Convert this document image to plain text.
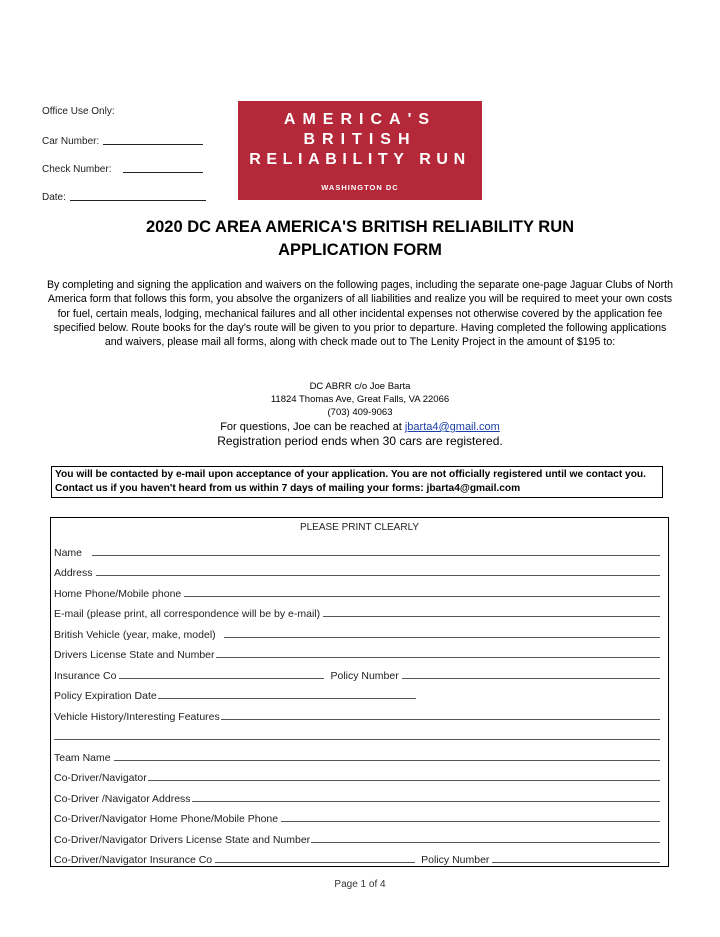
Office Use Only:
Car Number:
Check Number:
Date:
AMERICA'S
BRITISH
RELIABILITY RUN
WASHINGTON DC
2020 DC AREA AMERICA'S BRITISH RELIABILITY RUN
APPLICATION FORM
By completing and signing the application and waivers on the following pages, including the separate one-page Jaguar Clubs of North America form that follows this form, you absolve the organizers of all liabilities and realize you will be required to meet your own costs for fuel, certain meals, lodging, mechanical failures and all other incidental expenses not otherwise covered by the application fee specified below. Route books for the day's route will be given to you prior to departure. Having completed the following applications and waivers, please mail all forms, along with check made out to The Lenity Project in the amount of $195 to:
DC ABRR c/o Joe Barta
11824 Thomas Ave, Great Falls, VA 22066
(703) 409-9063
For questions, Joe can be reached at jbarta4@gmail.com
Registration period ends when 30 cars are registered.
You will be contacted by e-mail upon acceptance of your application. You are not officially registered until we contact you. Contact us if you haven't heard from us within 7 days of mailing your forms: jbarta4@gmail.com
PLEASE PRINT CLEARLY
Name
Address
Home Phone/Mobile phone
E-mail (please print, all correspondence will be by e-mail)
British Vehicle (year, make, model)
Drivers License State and Number
Insurance Co	Policy Number
Policy Expiration Date
Vehicle History/Interesting Features
Team Name
Co-Driver/Navigator
Co-Driver /Navigator Address
Co-Driver/Navigator Home Phone/Mobile Phone
Co-Driver/Navigator Drivers License State and Number
Co-Driver/Navigator Insurance Co	Policy Number
Page 1 of 4
